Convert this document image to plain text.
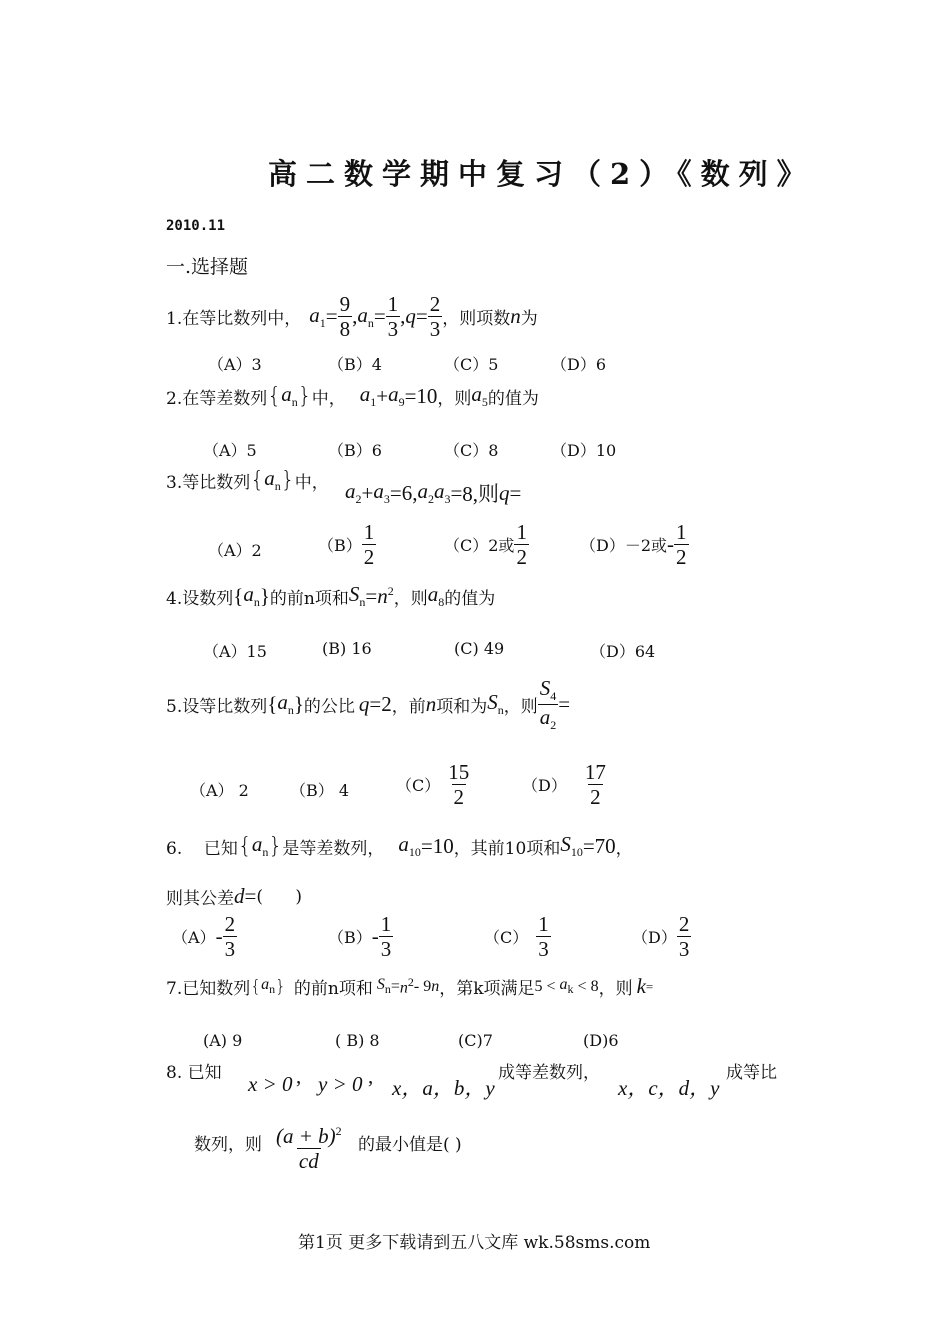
高二数学期中复习（2）《数列》
2010.11
一.选择题
1.在等比数列中， $a_1 = \frac{9}{8}$ , $a_n = \frac{1}{3}$ , $q = \frac{2}{3}$ ，则项数 n 为
（A）3	（B）4	（C）5	（D）6
2.在等差数列 { $a_n$ } 中， $a_1 + a_9 = 10$ ，则 $a_5$ 的值为
（A）5	（B）6	（C）8	（D）10
3.等比数列 { $a_n$ } 中， $a_2 + a_3 = 6$, $a_2a_3 = 8$,则 q =
（A）2	$(B) \frac{1}{2}$	（C）2或 $\frac{1}{2}$	（D）－2或 - $\frac{1}{2}$
4.设数列 { $a_n$ } 的前n项和 $S_n = n^2$ ，则 $a_8$ 的值为
（A）15	(B) 16	(C) 49	（D）64
5.设等比数列 { $a_n$ } 的公比 q = 2 ，前 n 项和为 $S_n$ ，则 $\frac{S_4}{a_2}$ =
（A） 2	（B） 4	$(C) \frac{15}{2}$	$(D) \frac{17}{2}$
6.    已知 { $a_n$ } 是等差数列， $a_{10} = 10$ ，其前10项和 $S_{10} = 70$ ，
则其公差 d = (      )
$(A) - \frac{2}{3}$	$(B) - \frac{1}{3}$	$(C) \frac{1}{3}$	$(D) \frac{2}{3}$
7.已知数列 { $a_n$ } 的前n项和 $S_n = n^2 - 9$ n ，第k项满足 $5 < a_k < 8$ ，则 k =
(A) 9	( B) 8	(C)7	(D)6
8. 已知 x > 0 , y > 0 , x，a，b，y
成等差数列，
x，c，d，y
成等比
数列，则 $\frac{(a + b)^2}{cd}$ 的最小值是( )
第1页 更多下载请到五八文库 wk.58sms.com
